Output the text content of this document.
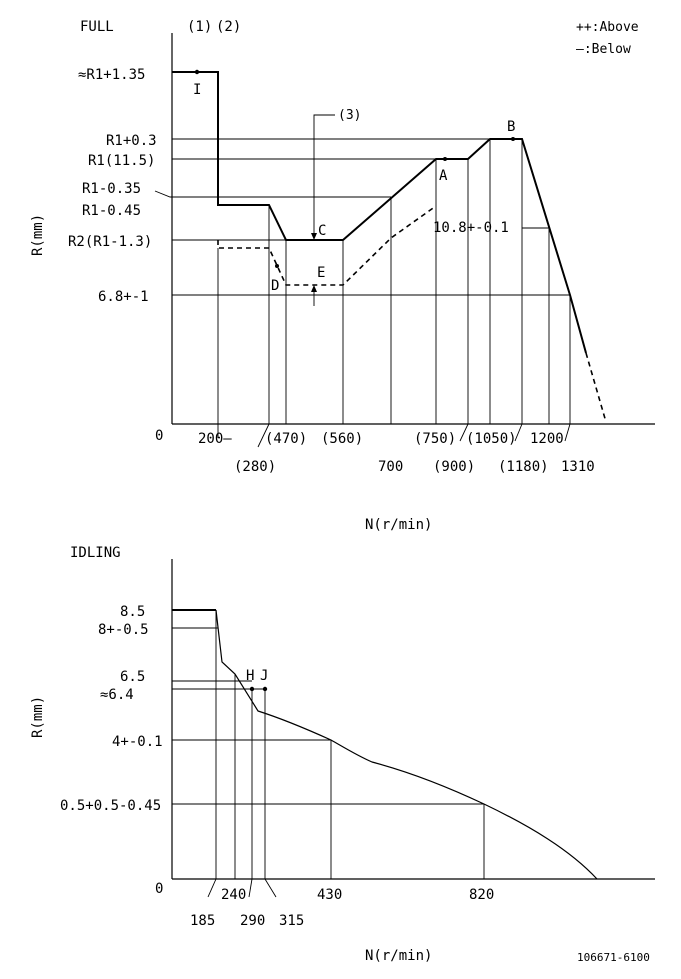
FULL	(1) (2)	++:Above
—:Below
(3)
I
A
B
C
D
E
≈R1+1.35
R1+0.3
R1(11.5)
R1-0.35
R1-0.45
R2(R1-1.3)
6.8+-1
0
10.8+-0.1
R(mm)
200—
(280)
(470) (560)
700
(750)
(900)
(1050)
(1180)
1200
1310
N(r/min)
IDLING
H J
8.5
8+-0.5
6.5
≈6.4
4+-0.1
0.5+0.5-0.45
0
R(mm)
185
240
290 315
430	820
N(r/min)	106671-6100
